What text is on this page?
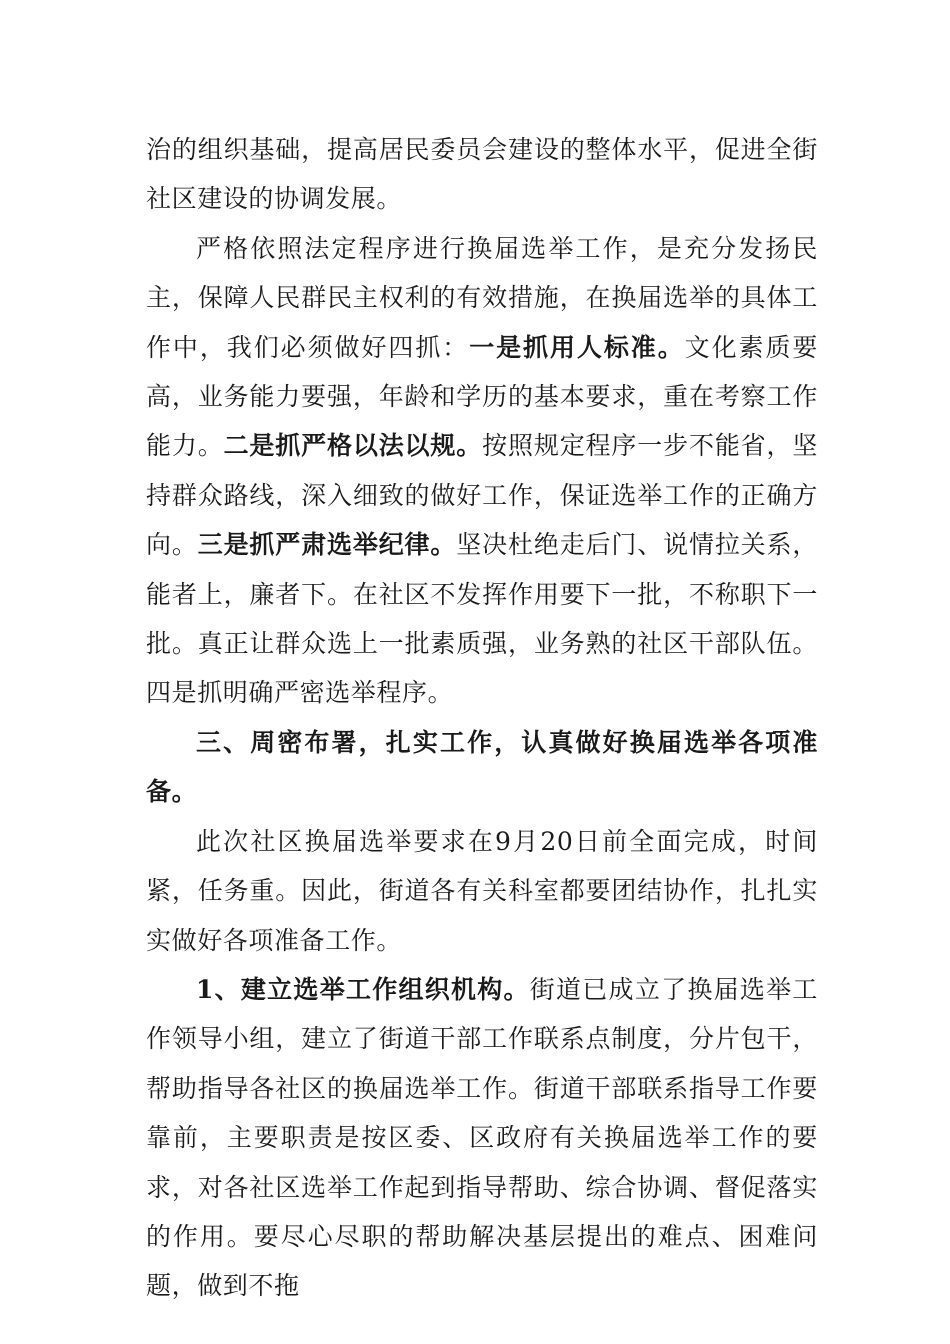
治的组织基础，提高居民委员会建设的整体水平，促进全街社区建设的协调发展。

严格依照法定程序进行换届选举工作，是充分发扬民主，保障人民群民主权利的有效措施，在换届选举的具体工作中，我们必须做好四抓：一是抓用人标准。文化素质要高，业务能力要强，年龄和学历的基本要求，重在考察工作能力。二是抓严格以法以规。按照规定程序一步不能省，坚持群众路线，深入细致的做好工作，保证选举工作的正确方向。三是抓严肃选举纪律。坚决杜绝走后门、说情拉关系，能者上，廉者下。在社区不发挥作用要下一批，不称职下一批。真正让群众选上一批素质强，业务熟的社区干部队伍。四是抓明确严密选举程序。

三、周密布署，扎实工作，认真做好换届选举各项准备。

此次社区换届选举要求在9月20日前全面完成，时间紧，任务重。因此，街道各有关科室都要团结协作，扎扎实实做好各项准备工作。

1、建立选举工作组织机构。街道已成立了换届选举工作领导小组，建立了街道干部工作联系点制度，分片包干，帮助指导各社区的换届选举工作。街道干部联系指导工作要靠前，主要职责是按区委、区政府有关换届选举工作的要求，对各社区选举工作起到指导帮助、综合协调、督促落实的作用。要尽心尽职的帮助解决基层提出的难点、困难问题，做到不拖
